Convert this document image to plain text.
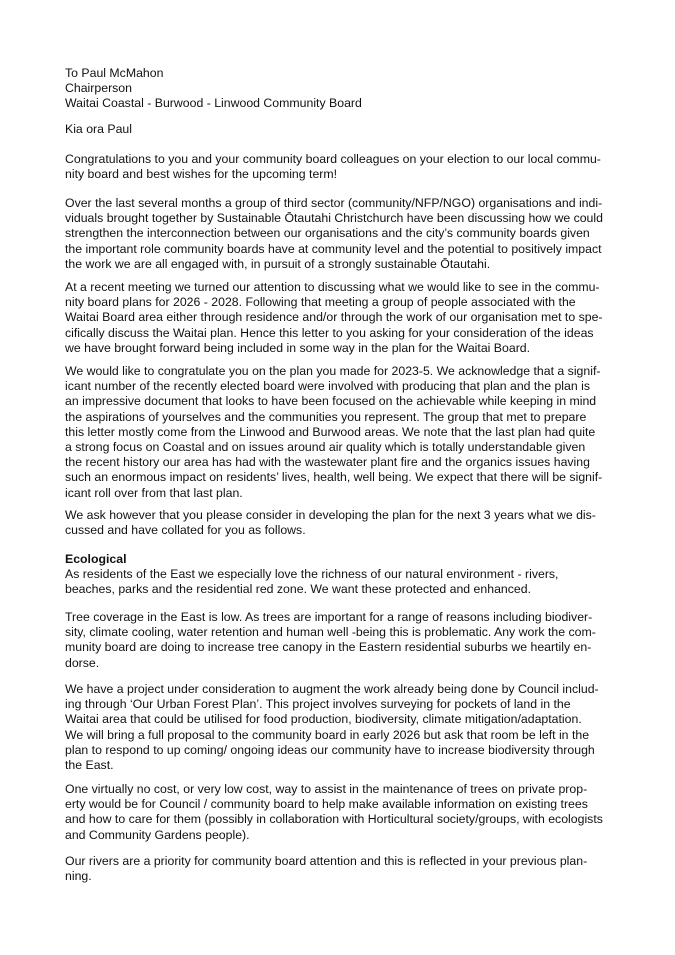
To Paul McMahon
Chairperson
Waitai Coastal - Burwood - Linwood Community Board

Kia ora Paul

Congratulations to you and your community board colleagues on your election to our local commu-
nity board and best wishes for the upcoming term!

Over the last several months a group of third sector (community/NFP/NGO) organisations and indi-
viduals brought together by Sustainable Ōtautahi Christchurch have been discussing how we could
strengthen the interconnection between our organisations and the city’s community boards given
the important role community boards have at community level and the potential to positively impact
the work we are all engaged with, in pursuit of a strongly sustainable Ōtautahi.

At a recent meeting we turned our attention to discussing what we would like to see in the commu-
nity board plans for 2026 - 2028. Following that meeting a group of people associated with the
Waitai Board area either through residence and/or through the work of our organisation met to spe-
cifically discuss the Waitai plan. Hence this letter to you asking for your consideration of the ideas
we have brought forward being included in some way in the plan for the Waitai Board.

We would like to congratulate you on the plan you made for 2023-5. We acknowledge that a signif-
icant number of the recently elected board were involved with producing that plan and the plan is
an impressive document that looks to have been focused on the achievable while keeping in mind
the aspirations of yourselves and the communities you represent. The group that met to prepare
this letter mostly come from the Linwood and Burwood areas. We note that the last plan had quite
a strong focus on Coastal and on issues around air quality which is totally understandable given
the recent history our area has had with the wastewater plant fire and the organics issues having
such an enormous impact on residents’ lives, health, well being. We expect that there will be signif-
icant roll over from that last plan.

We ask however that you please consider in developing the plan for the next 3 years what we dis-
cussed and have collated for you as follows.

Ecological
As residents of the East we especially love the richness of our natural environment - rivers,
beaches, parks and the residential red zone. We want these protected and enhanced.

Tree coverage in the East is low. As trees are important for a range of reasons including biodiver-
sity, climate cooling, water retention and human well -being this is problematic. Any work the com-
munity board are doing to increase tree canopy in the Eastern residential suburbs we heartily en-
dorse.

We have a project under consideration to augment the work already being done by Council includ-
ing through ‘Our Urban Forest Plan’. This project involves surveying for pockets of land in the
Waitai area that could be utilised for food production, biodiversity, climate mitigation/adaptation.
We will bring a full proposal to the community board in early 2026 but ask that room be left in the
plan to respond to up coming/ ongoing ideas our community have to increase biodiversity through
the East.

One virtually no cost, or very low cost, way to assist in the maintenance of trees on private prop-
erty would be for Council / community board to help make available information on existing trees
and how to care for them (possibly in collaboration with Horticultural society/groups, with ecologists
and Community Gardens people).

Our rivers are a priority for community board attention and this is reflected in your previous plan-
ning.
